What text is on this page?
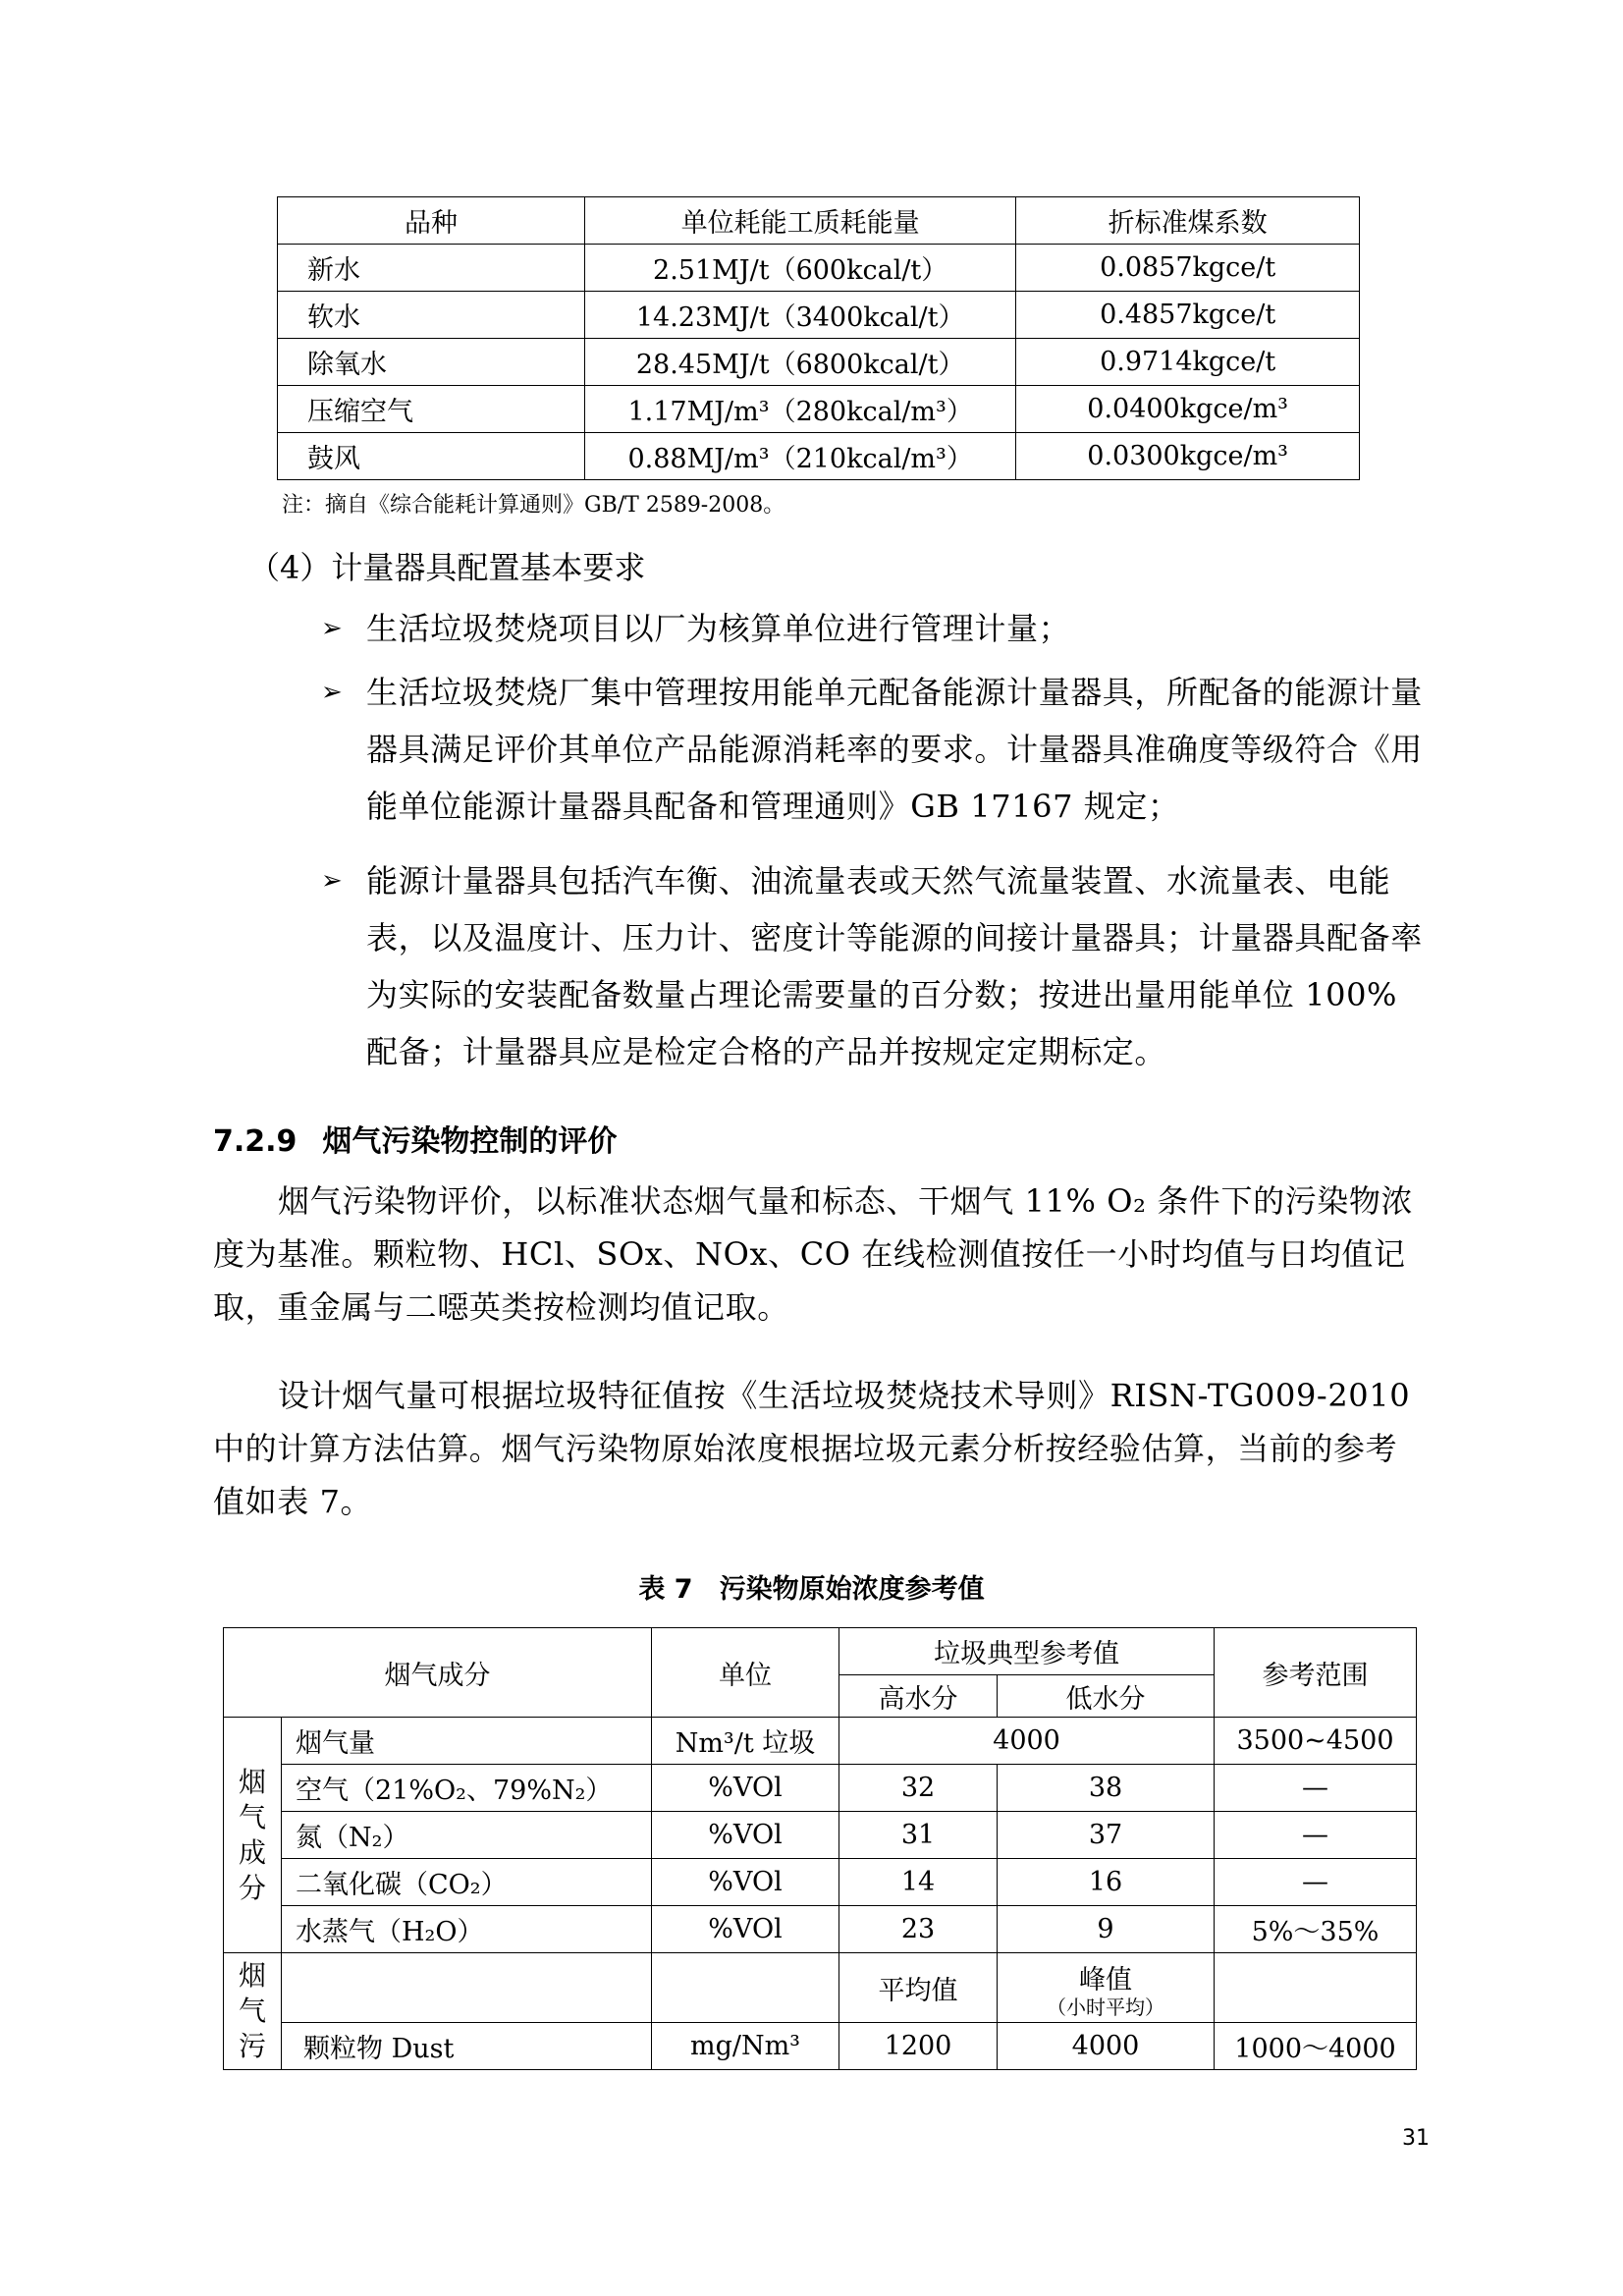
品种	单位耗能工质耗能量	折标准煤系数
新水	2.51MJ/t（600kcal/t）	0.0857kgce/t
软水	14.23MJ/t（3400kcal/t）	0.4857kgce/t
除氧水	28.45MJ/t（6800kcal/t）	0.9714kgce/t
压缩空气	1.17MJ/m³（280kcal/m³）	0.0400kgce/m³
鼓风	0.88MJ/m³（210kcal/m³）	0.0300kgce/m³
注：摘自《综合能耗计算通则》GB/T 2589-2008。
（4）计量器具配置基本要求
➢ 生活垃圾焚烧项目以厂为核算单位进行管理计量；
➢ 生活垃圾焚烧厂集中管理按用能单元配备能源计量器具，所配备的能源计量器具满足评价其单位产品能源消耗率的要求。计量器具准确度等级符合《用能单位能源计量器具配备和管理通则》GB 17167 规定；
➢ 能源计量器具包括汽车衡、油流量表或天然气流量装置、水流量表、电能表，以及温度计、压力计、密度计等能源的间接计量器具；计量器具配备率为实际的安装配备数量占理论需要量的百分数；按进出量用能单位 100%配备；计量器具应是检定合格的产品并按规定定期标定。
7.2.9 烟气污染物控制的评价
烟气污染物评价，以标准状态烟气量和标态、干烟气 11% O₂ 条件下的污染物浓度为基准。颗粒物、HCl、SOx、NOx、CO 在线检测值按任一小时均值与日均值记取，重金属与二噁英类按检测均值记取。
设计烟气量可根据垃圾特征值按《生活垃圾焚烧技术导则》RISN-TG009-2010 中的计算方法估算。烟气污染物原始浓度根据垃圾元素分析按经验估算，当前的参考值如表 7。
表 7　污染物原始浓度参考值
烟气成分		单位	垃圾典型参考值		参考范围
			高水分	低水分	
烟气成分	烟气量	Nm³/t 垃圾	4000		3500~4500
	空气（21%O₂、79%N₂）	%VOl	32	38	—
	氮（N₂）	%VOl	31	37	—
	二氧化碳（CO₂）	%VOl	14	16	—
	水蒸气（H₂O）	%VOl	23	9	5%～35%
烟气污			平均值	峰值
（小时平均）	

	颗粒物 Dust	mg/Nm³	1200	4000	1000～4000
31
